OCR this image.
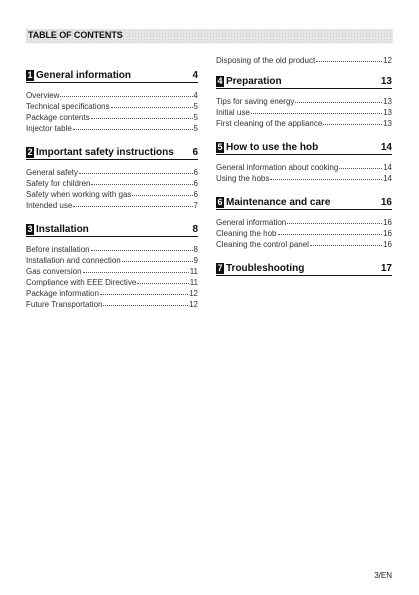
TABLE OF CONTENTS
1 General information	4
Overview	4
Technical specifications	5
Package contents	5
Injector table	5
2 Important safety instructions 6
General safety	6
Safety for children	6
Safety when working with gas	6
Intended use	7
3 Installation	8
Before installation	8
Installation and connection	9
Gas conversion	11
Compliance with EEE Directive	11
Package information	12
Future Transportation	12
Disposing of the old product	12
4 Preparation	13
Tips for saving energy	13
Initial use	13
First cleaning of the appliance	13
5 How to use the hob	14
General information about cooking	14
Using the hobs	14
6 Maintenance and care	16
General information	16
Cleaning the hob	16
Cleaning the control panel	16
7 Troubleshooting	17
3/EN
